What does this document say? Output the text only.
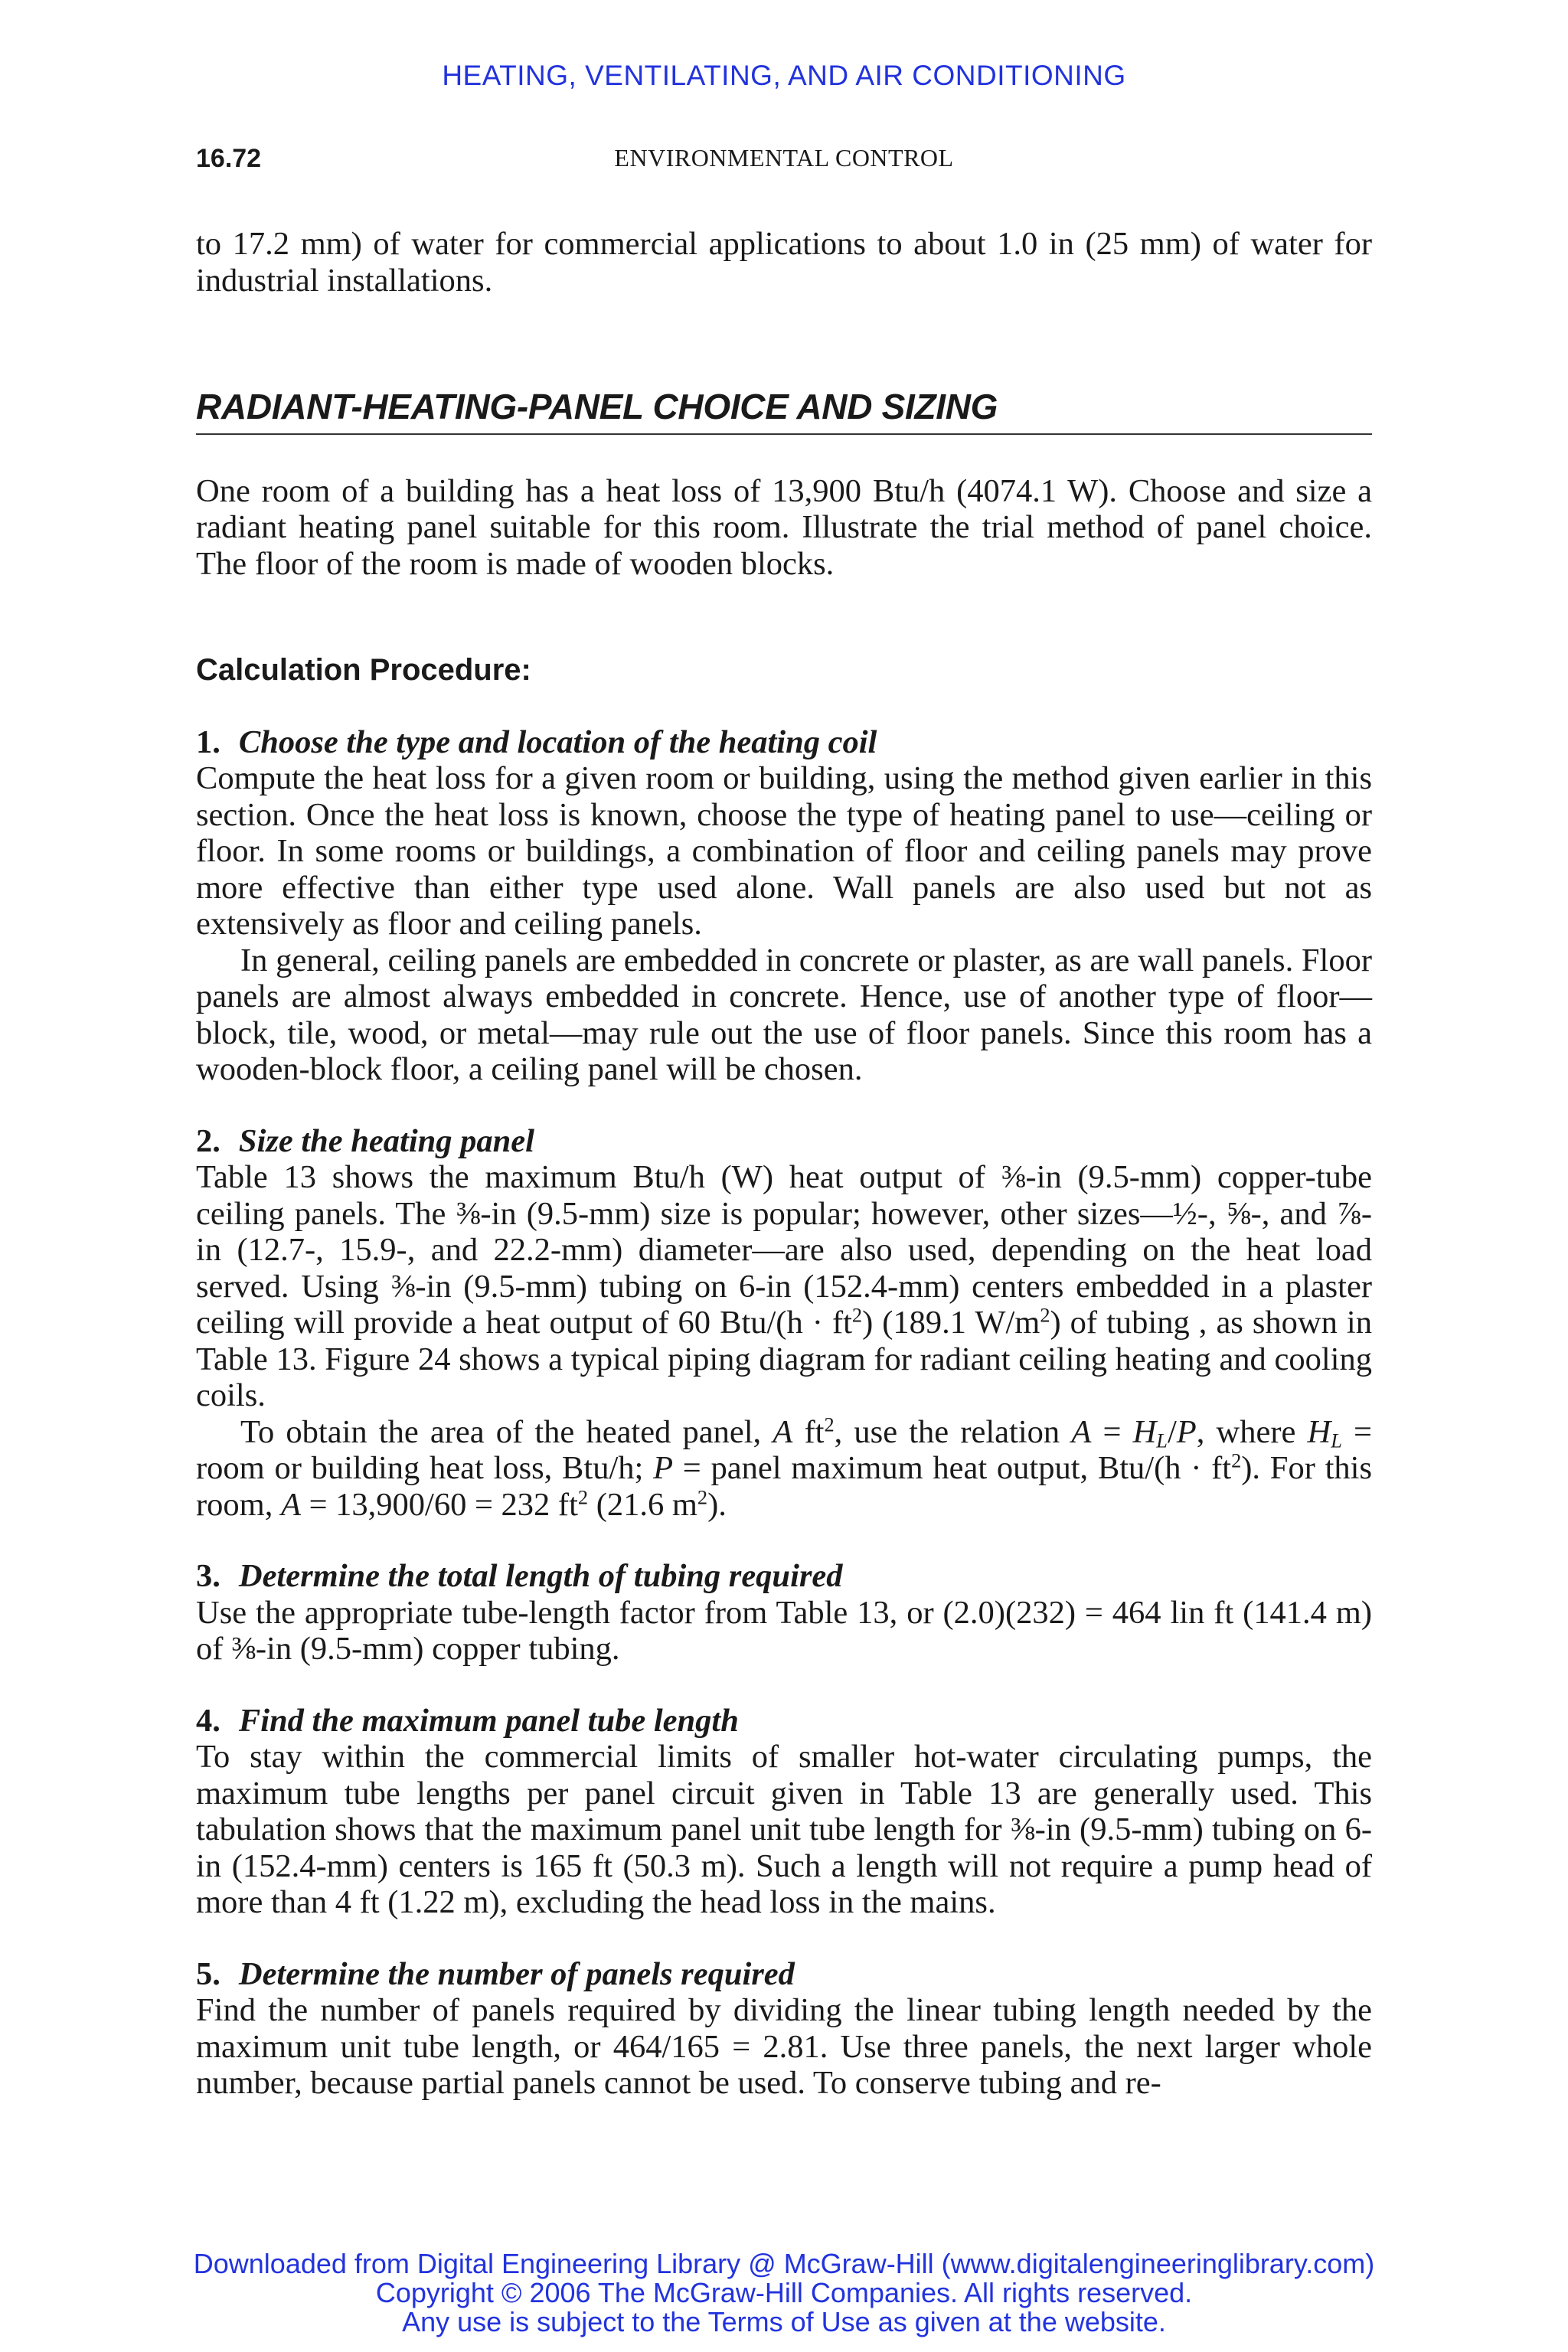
HEATING, VENTILATING, AND AIR CONDITIONING
16.72	ENVIRONMENTAL CONTROL

to 17.2 mm) of water for commercial applications to about 1.0 in (25 mm) of water for industrial installations.

RADIANT-HEATING-PANEL CHOICE AND SIZING

One room of a building has a heat loss of 13,900 Btu/h (4074.1 W). Choose and size a radiant heating panel suitable for this room. Illustrate the trial method of panel choice. The floor of the room is made of wooden blocks.

Calculation Procedure:
1. Choose the type and location of the heating coil

Compute the heat loss for a given room or building, using the method given earlier in this section. Once the heat loss is known, choose the type of heating panel to use—ceiling or floor. In some rooms or buildings, a combination of floor and ceiling panels may prove more effective than either type used alone. Wall panels are also used but not as extensively as floor and ceiling panels.

In general, ceiling panels are embedded in concrete or plaster, as are wall panels. Floor panels are almost always embedded in concrete. Hence, use of another type of floor—block, tile, wood, or metal—may rule out the use of floor panels. Since this room has a wooden-block floor, a ceiling panel will be chosen.

2. Size the heating panel

Table 13 shows the maximum Btu/h (W) heat output of ⅜-in (9.5-mm) copper-tube ceiling panels. The ⅜-in (9.5-mm) size is popular; however, other sizes—½-, ⅝-, and ⅞-in (12.7-, 15.9-, and 22.2-mm) diameter—are also used, depending on the heat load served. Using ⅜-in (9.5-mm) tubing on 6-in (152.4-mm) centers embedded in a plaster ceiling will provide a heat output of 60 $Btu/(h \cdot ft^2)$ (189.1 $W/m^2$) of tubing , as shown in Table 13. Figure 24 shows a typical piping diagram for radiant ceiling heating and cooling coils.

To obtain the area of the heated panel, A $ft^2$, use the relation $A = H_L/P$, where $H_L$ = room or building heat loss, Btu/h; P = panel maximum heat output, $Btu/(h \cdot ft^2)$. For this room, A = 13,900/60 = 232 $ft^2$ (21.6 $m^2$).

3. Determine the total length of tubing required

Use the appropriate tube-length factor from Table 13, or (2.0)(232) = 464 lin ft (141.4 m) of ⅜-in (9.5-mm) copper tubing.

4. Find the maximum panel tube length

To stay within the commercial limits of smaller hot-water circulating pumps, the maximum tube lengths per panel circuit given in Table 13 are generally used. This tabulation shows that the maximum panel unit tube length for ⅜-in (9.5-mm) tubing on 6-in (152.4-mm) centers is 165 ft (50.3 m). Such a length will not require a pump head of more than 4 ft (1.22 m), excluding the head loss in the mains.

5. Determine the number of panels required

Find the number of panels required by dividing the linear tubing length needed by the maximum unit tube length, or 464/165 = 2.81. Use three panels, the next larger whole number, because partial panels cannot be used. To conserve tubing and re-

Downloaded from Digital Engineering Library @ McGraw-Hill (www.digitalengineeringlibrary.com)
Copyright © 2006 The McGraw-Hill Companies. All rights reserved.
Any use is subject to the Terms of Use as given at the website.
